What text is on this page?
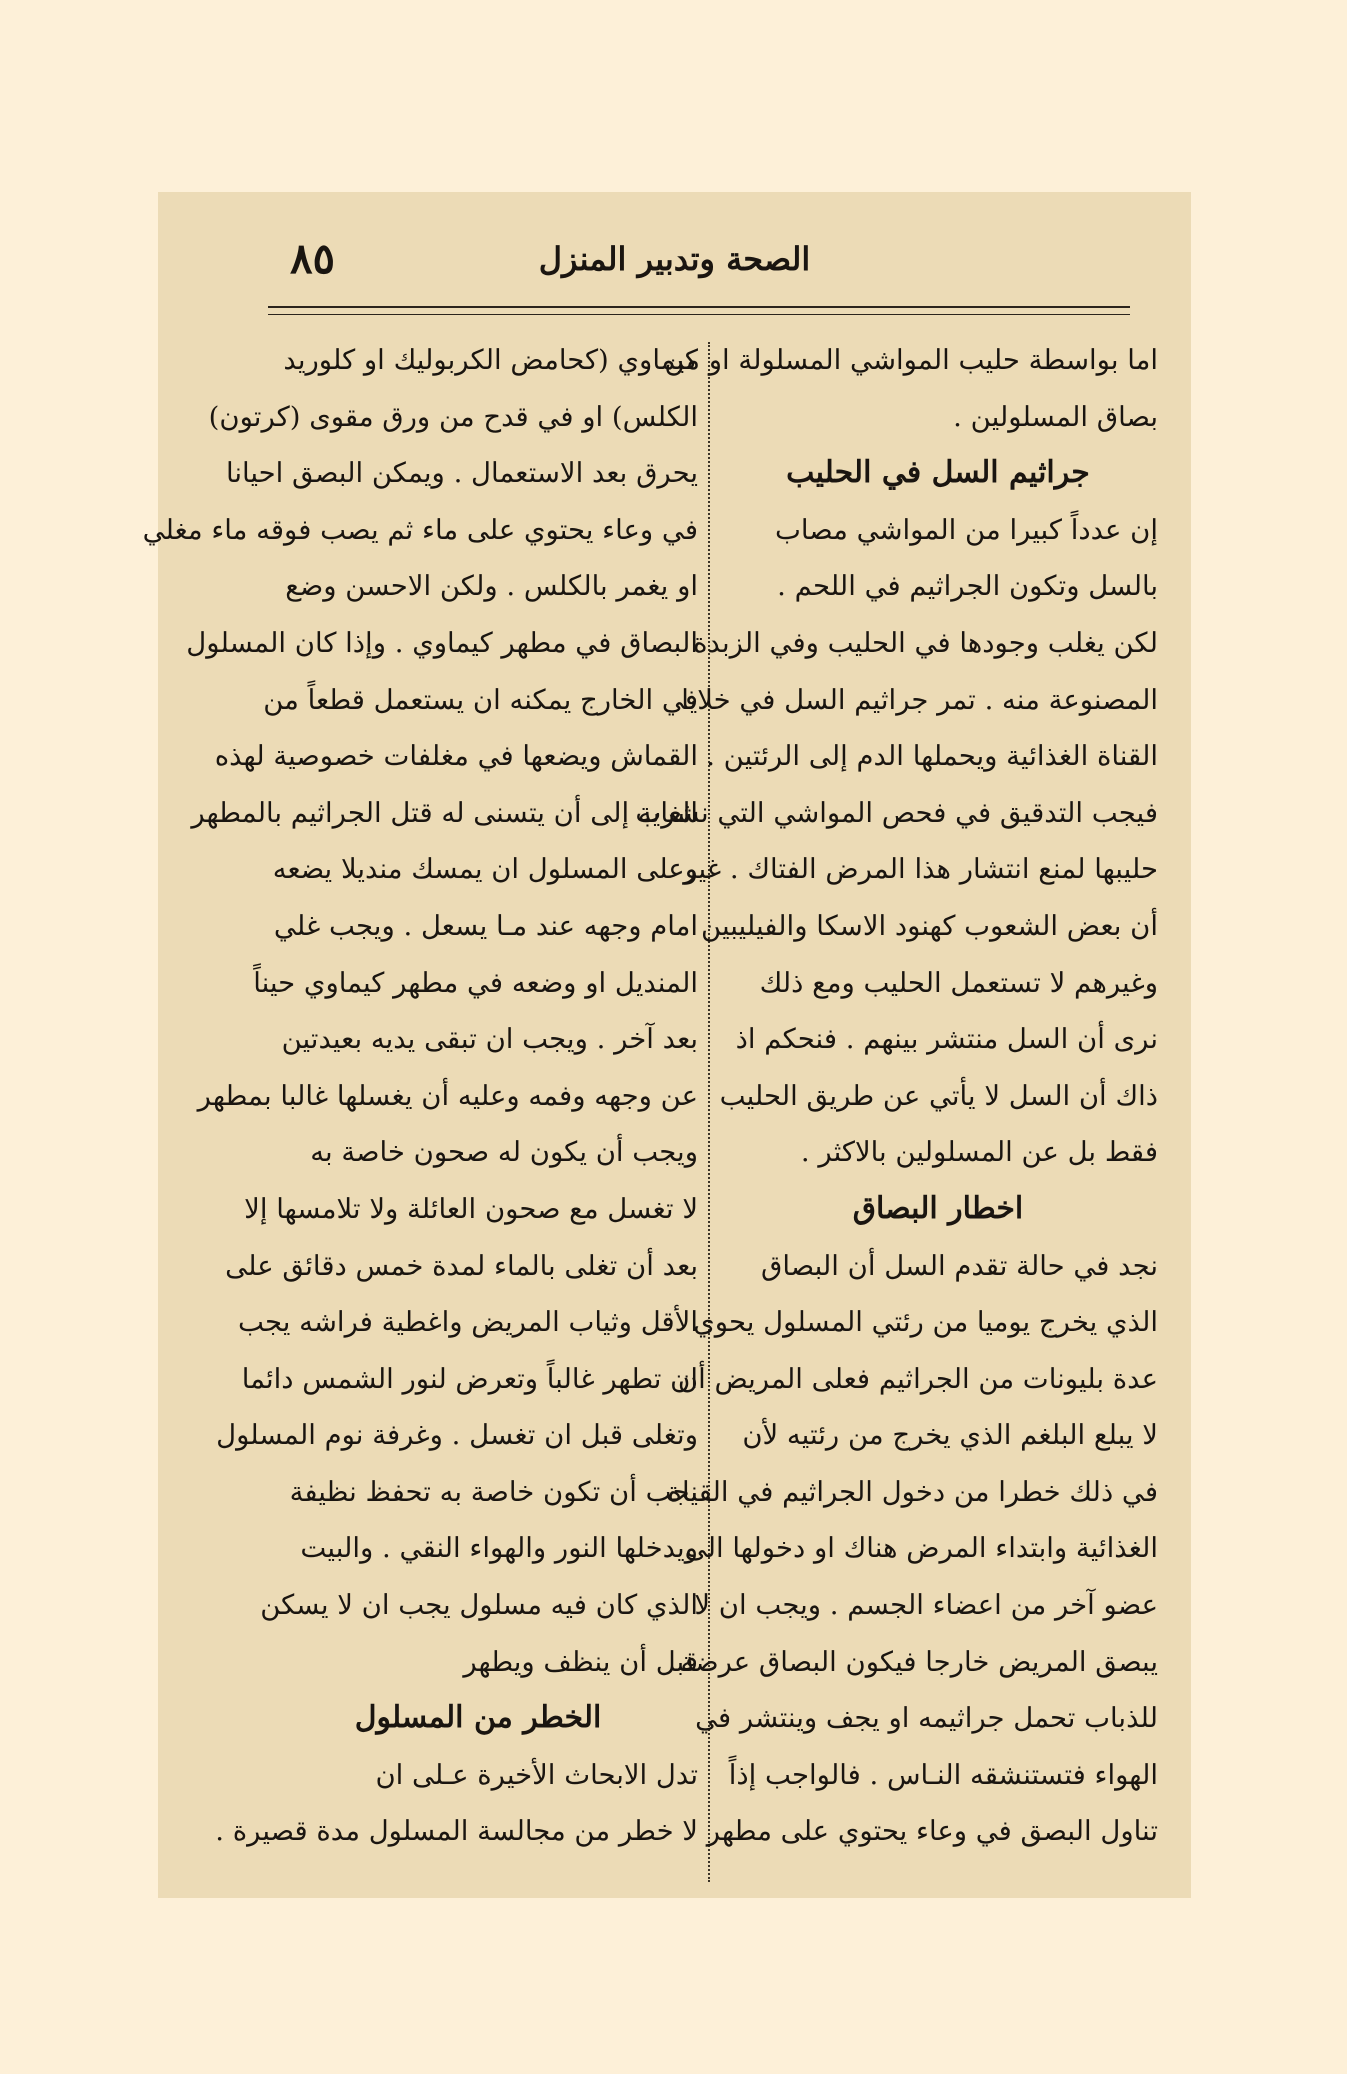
الصحة وتدبير المنزل
٨٥
اما بواسطة حليب المواشي المسلولة او من
بصاق المسلولين .
جراثيم السل في الحليب
إن عدداً كبيرا من المواشي مصاب
بالسل وتكون الجراثيم في اللحم .
لكن يغلب وجودها في الحليب وفي الزبدة
المصنوعة منه . تمر جراثيم السل في خلايا
القناة الغذائية ويحملها الدم إلى الرئتين .
فيجب التدقيق في فحص المواشي التي نشرب
حليبها لمنع انتشار هذا المرض الفتاك . غير
أن بعض الشعوب كهنود الاسكا والفيليبين
وغيرهم لا تستعمل الحليب ومع ذلك
نرى أن السل منتشر بينهم . فنحكم اذ
ذاك أن السل لا يأتي عن طريق الحليب
فقط بل عن المسلولين بالاكثر .
اخطار البصاق
نجد في حالة تقدم السل أن البصاق
الذي يخرج يوميا من رئتي المسلول يحوي
عدة بليونات من الجراثيم فعلى المريض أن
لا يبلع البلغم الذي يخرج من رئتيه لأن
في ذلك خطرا من دخول الجراثيم في القناة
الغذائية وابتداء المرض هناك او دخولها الى
عضو آخر من اعضاء الجسم . ويجب ان لا
يبصق المريض خارجا فيكون البصاق عرضة
للذباب تحمل جراثيمه او يجف وينتشر في
الهواء فتستنشقه النـاس . فالواجب إذاً
تناول البصق في وعاء يحتوي على مطهر
كيماوي (كحامض الكربوليك او كلوريد
الكلس) او في قدح من ورق مقوى (كرتون)
يحرق بعد الاستعمال . ويمكن البصق احيانا
في وعاء يحتوي على ماء ثم يصب فوقه ماء مغلي
او يغمر بالكلس . ولكن الاحسن وضع
البصاق في مطهر كيماوي . وإذا كان المسلول
في الخارج يمكنه ان يستعمل قطعاً من
القماش ويضعها في مغلفات خصوصية لهذه
الغاية إلى أن يتسنى له قتل الجراثيم بالمطهر
وعلى المسلول ان يمسك منديلا يضعه
امام وجهه عند مـا يسعل . ويجب غلي
المنديل او وضعه في مطهر كيماوي حيناً
بعد آخر . ويجب ان تبقى يديه بعيدتين
عن وجهه وفمه وعليه أن يغسلها غالبا بمطهر
ويجب أن يكون له صحون خاصة به
لا تغسل مع صحون العائلة ولا تلامسها إلا
بعد أن تغلى بالماء لمدة خمس دقائق على
الأقل وثياب المريض واغطية فراشه يجب
ان تطهر غالباً وتعرض لنور الشمس دائما
وتغلى قبل ان تغسل . وغرفة نوم المسلول
يجب أن تكون خاصة به تحفظ نظيفة
ويدخلها النور والهواء النقي . والبيت
الذي كان فيه مسلول يجب ان لا يسكن
قبل أن ينظف ويطهر
الخطر من المسلول
تدل الابحاث الأخيرة عـلى ان
لا خطر من مجالسة المسلول مدة قصيرة .
